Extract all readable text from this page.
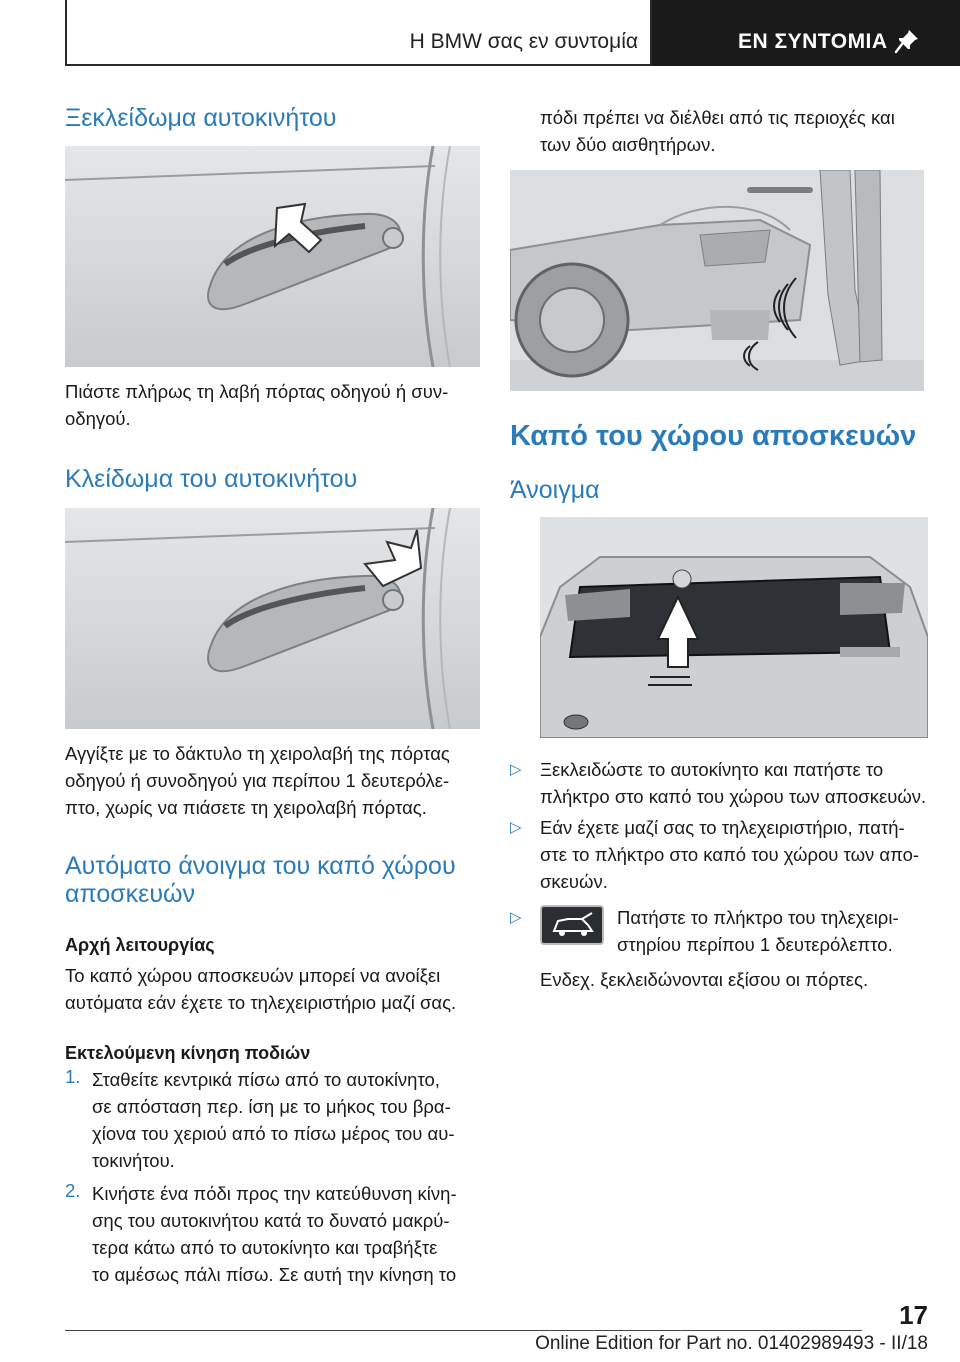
Η BMW σας εν συντομία	ΕΝ ΣΥΝΤΟΜΙΑ
Ξεκλείδωμα αυτοκινήτου
Πιάστε πλήρως τη λαβή πόρτας οδηγού ή συν‐
οδηγού.
Κλείδωμα του αυτοκινήτου
Αγγίξτε με το δάκτυλο τη χειρολαβή της πόρτας
οδηγού ή συνοδηγού για περίπου 1 δευτερόλε‐
πτο, χωρίς να πιάσετε τη χειρολαβή πόρτας.
Αυτόματο άνοιγμα του καπό χώρου
αποσκευών
Αρχή λειτουργίας
Το καπό χώρου αποσκευών μπορεί να ανοίξει
αυτόματα εάν έχετε το τηλεχειριστήριο μαζί σας.
Εκτελούμενη κίνηση ποδιών
1. Σταθείτε κεντρικά πίσω από το αυτοκίνητο,
σε απόσταση περ. ίση με το μήκος του βρα‐
χίονα του χεριού από το πίσω μέρος του αυ‐
τοκινήτου.
2. Κινήστε ένα πόδι προς την κατεύθυνση κίνη‐
σης του αυτοκινήτου κατά το δυνατό μακρύ‐
τερα κάτω από το αυτοκίνητο και τραβήξτε
το αμέσως πάλι πίσω. Σε αυτή την κίνηση το
πόδι πρέπει να διέλθει από τις περιοχές και
των δύο αισθητήρων.
Καπό του χώρου αποσκευών
Άνοιγμα
▷ Ξεκλειδώστε το αυτοκίνητο και πατήστε το
πλήκτρο στο καπό του χώρου των αποσκευών.
▷ Εάν έχετε μαζί σας το τηλεχειριστήριο, πατή‐
στε το πλήκτρο στο καπό του χώρου των απο‐
σκευών.
▷	Πατήστε το πλήκτρο του τηλεχειρι‐
στηρίου περίπου 1 δευτερόλεπτο.
Ενδεχ. ξεκλειδώνονται εξίσου οι πόρτες.
17
Online Edition for Part no. 01402989493 - II/18
